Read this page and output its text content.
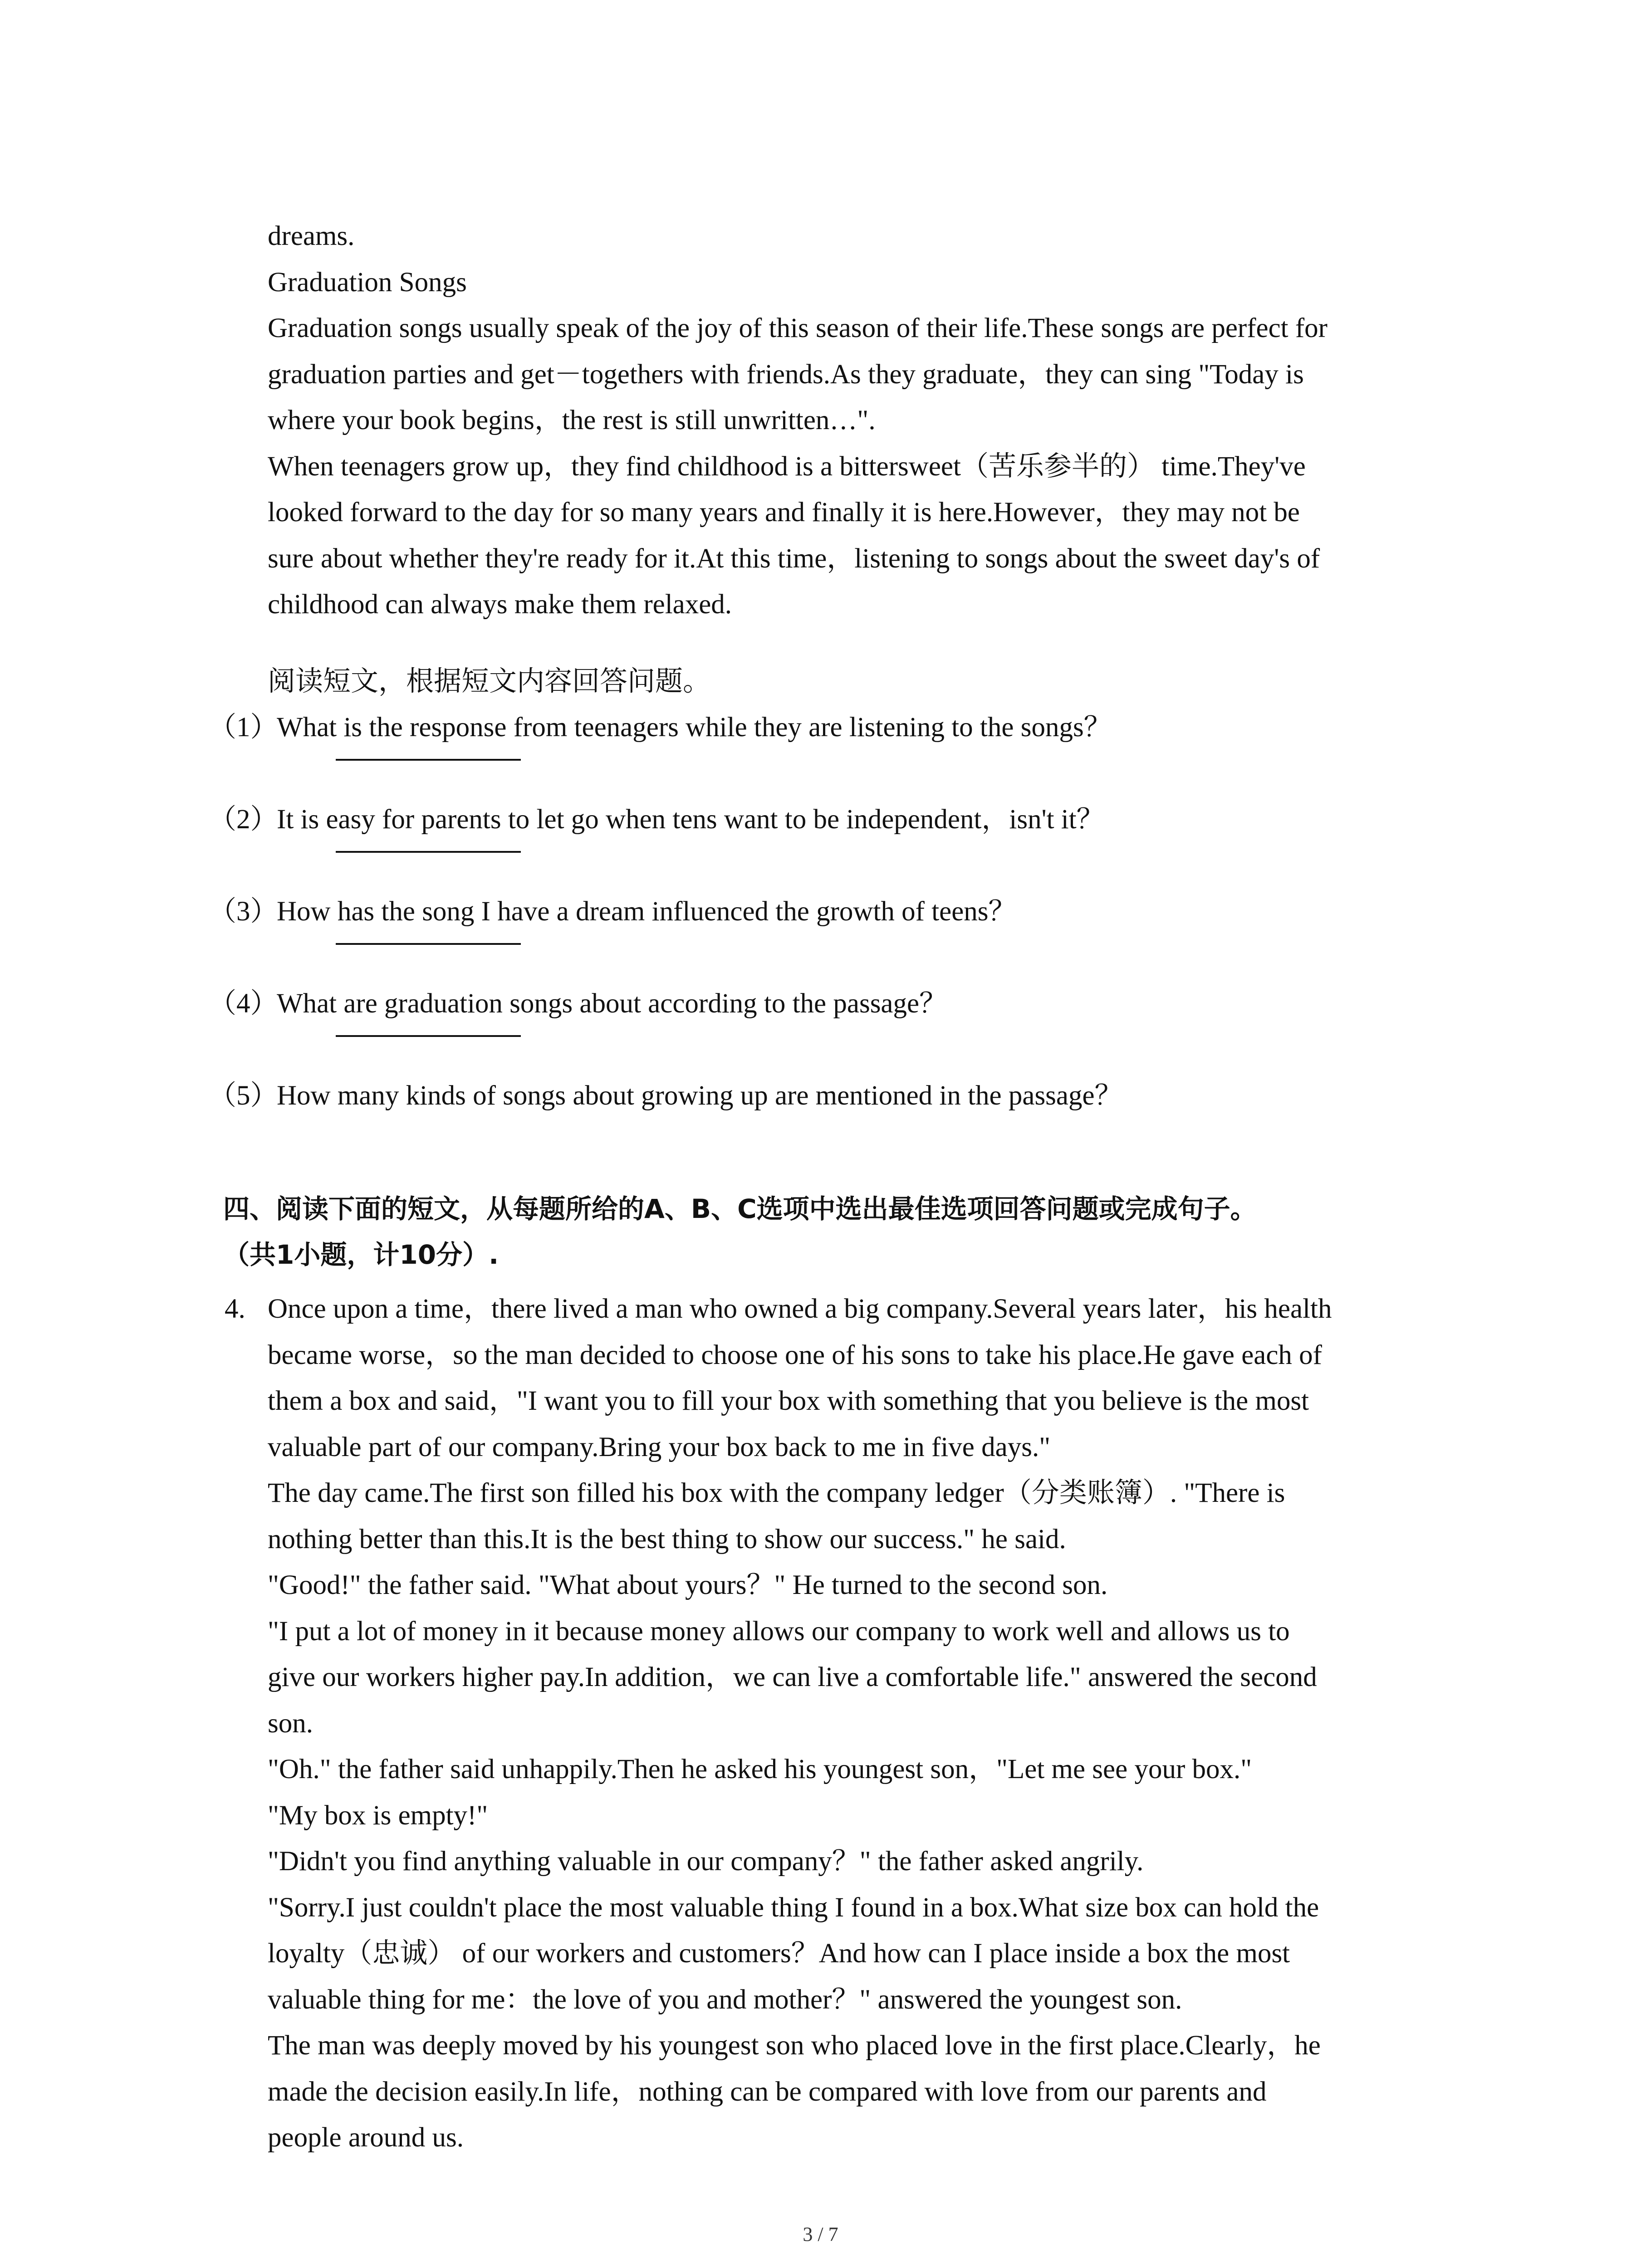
dreams.
Graduation Songs
Graduation songs usually speak of the joy of this season of their life.These songs are perfect for
graduation parties and get－togethers with friends.As they graduate，they can sing "Today is
where your book begins，the rest is still unwritten…".
When teenagers grow up，they find childhood is a bittersweet（苦乐参半的） time.They've
looked forward to the day for so many years and finally it is here.However，they may not be
sure about whether they're ready for it.At this time，listening to songs about the sweet day's of
childhood can always make them relaxed.
阅读短文，根据短文内容回答问题。
（1）What is the response from teenagers while they are listening to the songs？
（2）It is easy for parents to let go when tens want to be independent，isn't it？
（3）How has the song I have a dream influenced the growth of teens？
（4）What are graduation songs about according to the passage？
（5）How many kinds of songs about growing up are mentioned in the passage？
四、阅读下面的短文，从每题所给的A、B、C选项中选出最佳选项回答问题或完成句子。
（共1小题，计10分）.
4. Once upon a time，there lived a man who owned a big company.Several years later，his health
became worse，so the man decided to choose one of his sons to take his place.He gave each of
them a box and said，"I want you to fill your box with something that you believe is the most
valuable part of our company.Bring your box back to me in five days."
The day came.The first son filled his box with the company ledger（分类账簿）. "There is
nothing better than this.It is the best thing to show our success." he said.
"Good!" the father said. "What about yours？" He turned to the second son.
"I put a lot of money in it because money allows our company to work well and allows us to
give our workers higher pay.In addition，we can live a comfortable life." answered the second
son.
"Oh." the father said unhappily.Then he asked his youngest son，"Let me see your box."
"My box is empty!"
"Didn't you find anything valuable in our company？" the father asked angrily.
"Sorry.I just couldn't place the most valuable thing I found in a box.What size box can hold the
loyalty（忠诚） of our workers and customers？And how can I place inside a box the most
valuable thing for me：the love of you and mother？" answered the youngest son.
The man was deeply moved by his youngest son who placed love in the first place.Clearly，he
made the decision easily.In life，nothing can be compared with love from our parents and
people around us.
3 / 7
